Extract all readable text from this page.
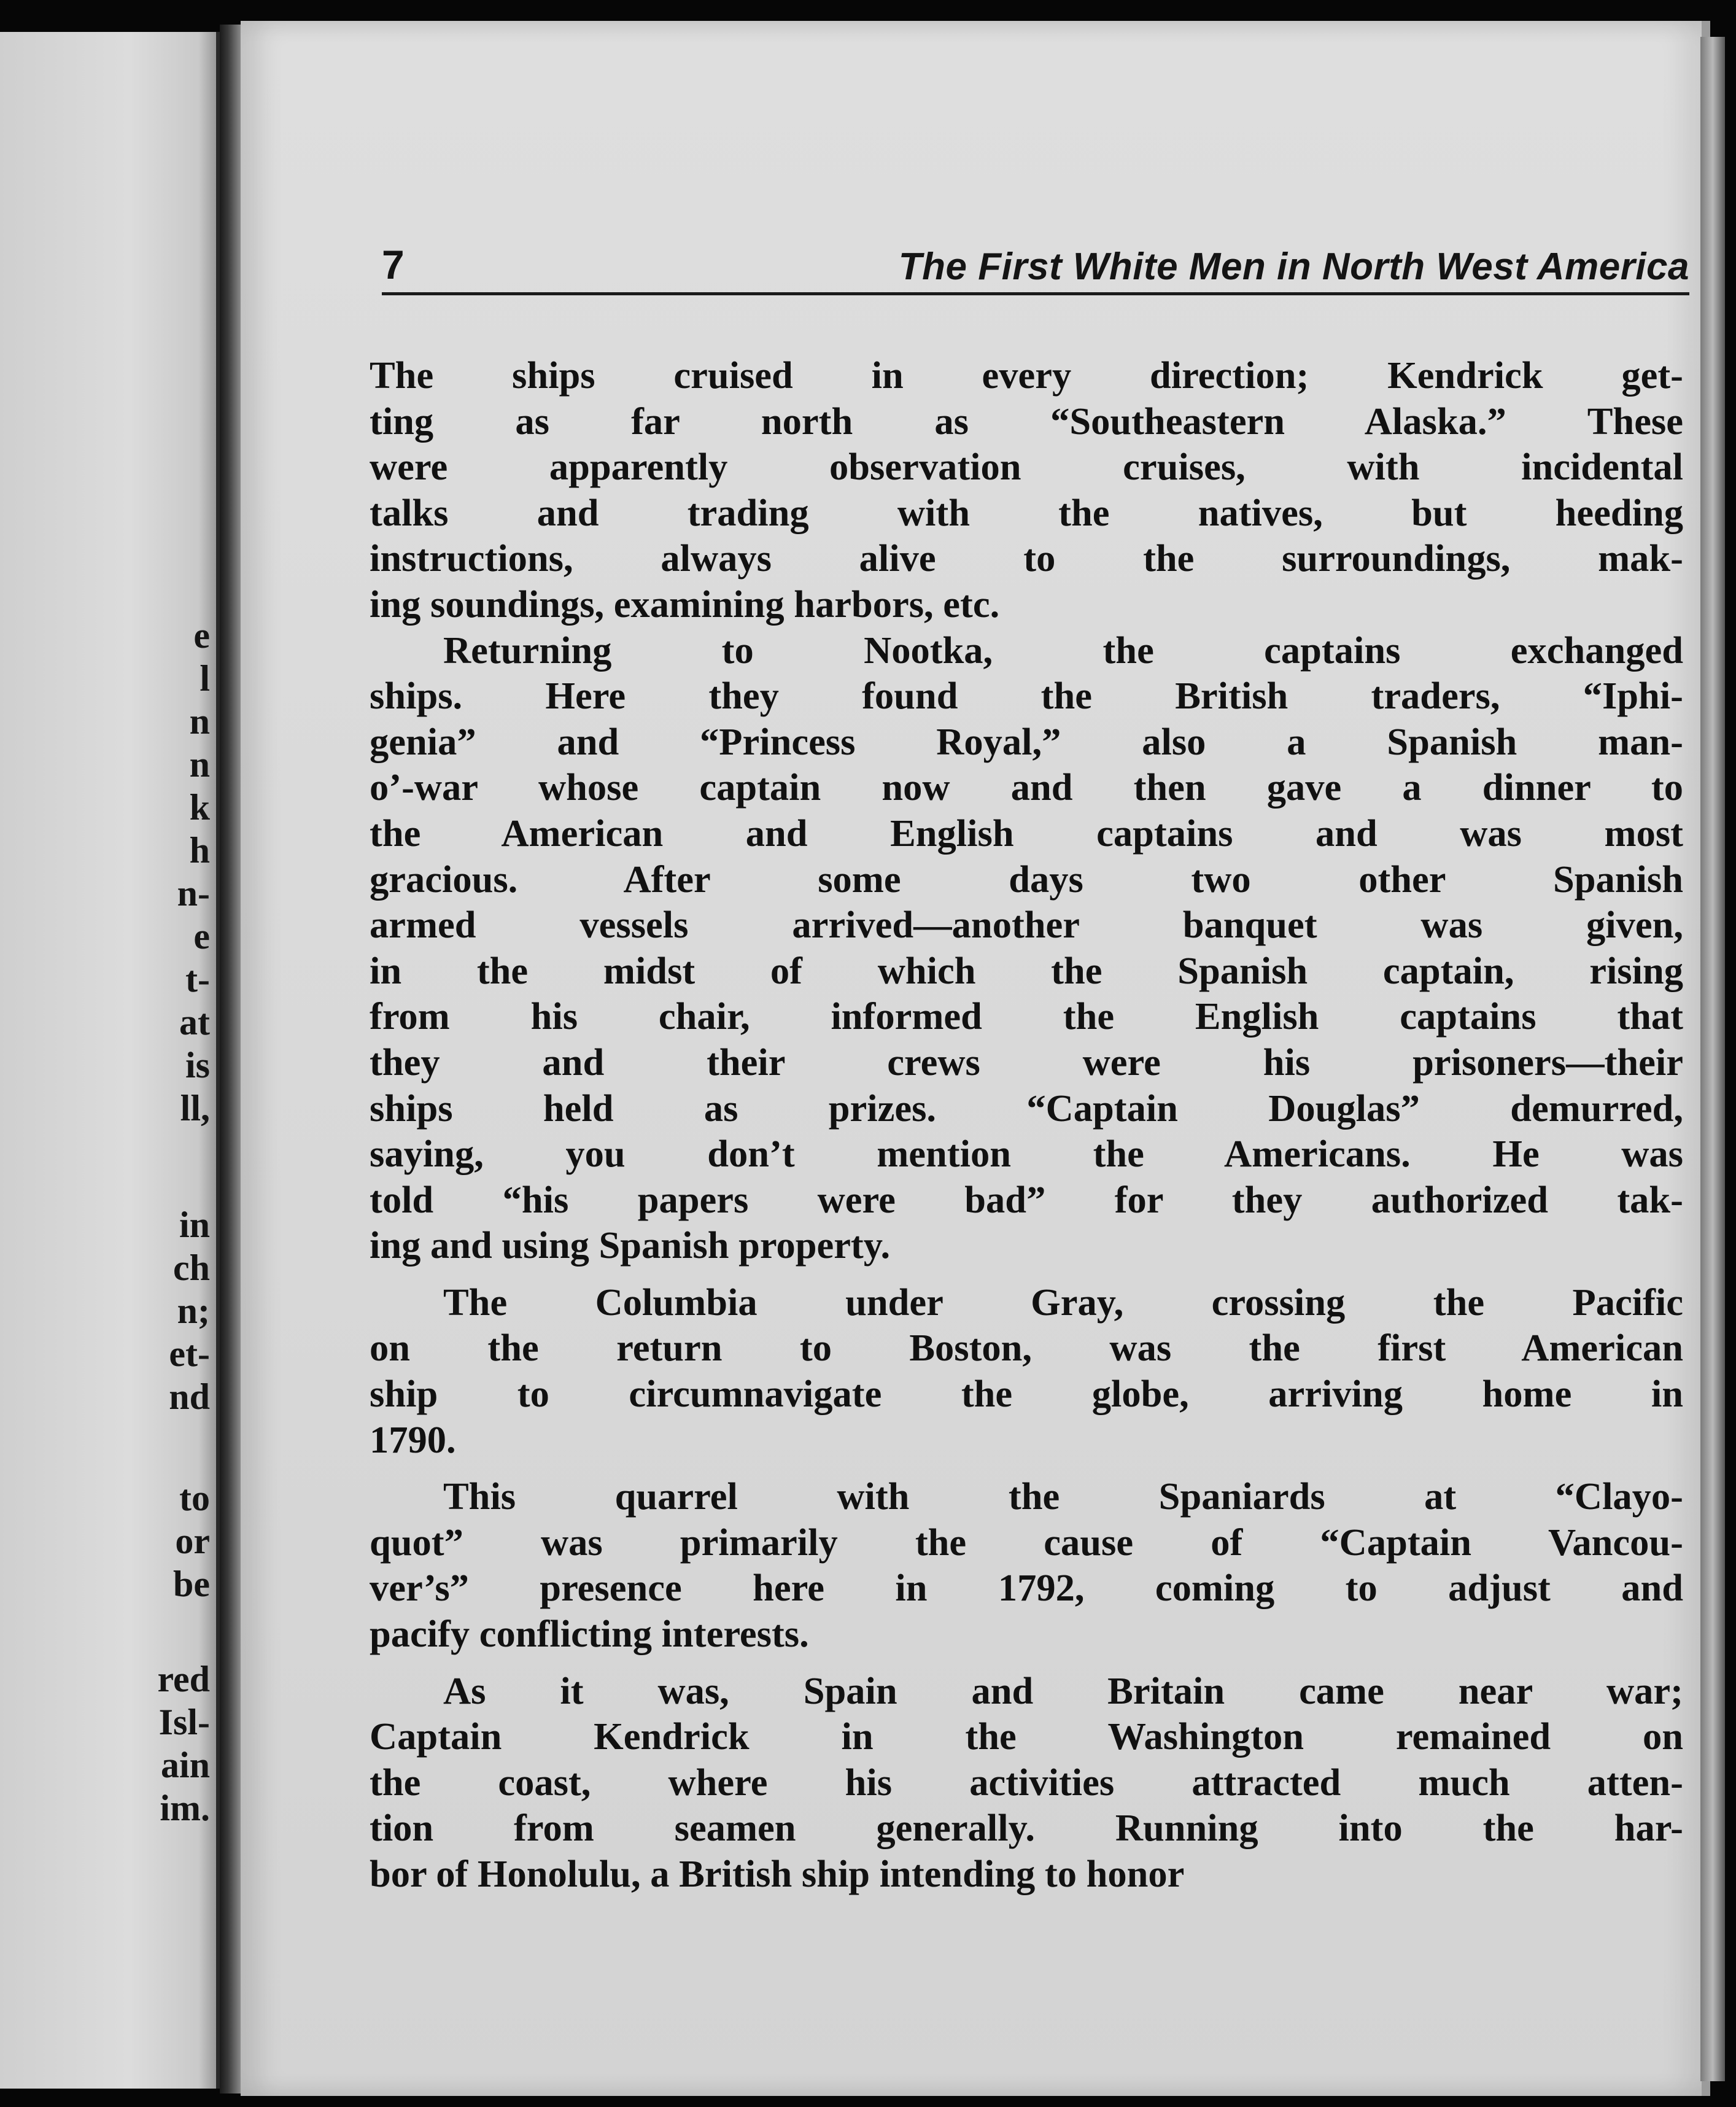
e
l
n
n
k
h
n-
e
t-
at
is
ll,
in
ch
n;
et-
nd
to
or
be
red
Isl-
ain
im.
7	The First White Men in North West America
The ships cruised in every direction; Kendrick get-
ting as far north as “Southeastern Alaska.” These
were apparently observation cruises, with incidental
talks and trading with the natives, but heeding
instructions, always alive to the surroundings, mak-
ing soundings, examining harbors, etc.
Returning to Nootka, the captains exchanged
ships. Here they found the British traders, “Iphi-
genia” and “Princess Royal,” also a Spanish man-
o’-war whose captain now and then gave a dinner to
the American and English captains and was most
gracious. After some days two other Spanish
armed vessels arrived—another banquet was given,
in the midst of which the Spanish captain, rising
from his chair, informed the English captains that
they and their crews were his prisoners—their
ships held as prizes. “Captain Douglas” demurred,
saying, you don’t mention the Americans. He was
told “his papers were bad” for they authorized tak-
ing and using Spanish property.
The Columbia under Gray, crossing the Pacific
on the return to Boston, was the first American
ship to circumnavigate the globe, arriving home in
1790.
This quarrel with the Spaniards at “Clayo-
quot” was primarily the cause of “Captain Vancou-
ver’s” presence here in 1792, coming to adjust and
pacify conflicting interests.
As it was, Spain and Britain came near war;
Captain Kendrick in the Washington remained on
the coast, where his activities attracted much atten-
tion from seamen generally. Running into the har-
bor of Honolulu, a British ship intending to honor
